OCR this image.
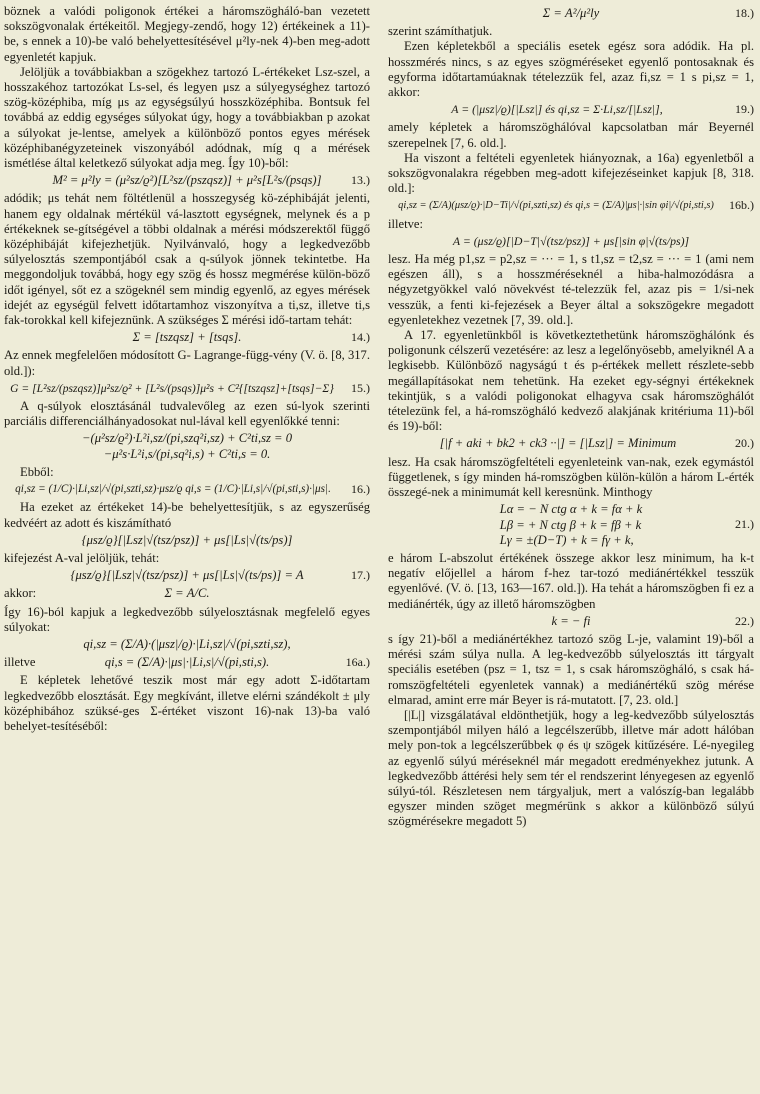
böznek a valódi poligonok értékei a háromszögháló-ban vezetett sokszögvonalak értékeitől. Megjegy-zendő, hogy 12) értékeinek a 11)-be, s ennek a 10)-be való behelyettesítésével μ²ly-nek 4)-ben meg-adott egyenletét kapjuk.

Jelöljük a továbbiakban a szögekhez tartozó L-értékeket Lsz-szel, a hosszakéhoz tartozókat Ls-sel, és legyen μsz a súlyegységhez tartozó szög-középhiba, míg μs az egységsúlyú hosszközéphiba. Bontsuk fel továbbá az eddig egységes súlyokat úgy, hogy a továbbiakban p azokat a súlyokat je-lentse, amelyek a különböző pontos egyes mérések középhibanégyzeteinek viszonyából adódnak, míg q a mérések ismétlése által keletkező súlyokat adja meg. Így 10)-ből:

M² = μ²ly = (μ²sz/ϱ²)[L²sz/(pszqsz)] + μ²s[L²s/(psqs)] 13.)

adódik; μs tehát nem föltétlenül a hosszegység kö-zéphibáját jelenti, hanem egy oldalnak mértékül vá-lasztott egységnek, melynek és a p értékeknek se-gítségével a többi oldalnak a mérési módszerektől függő középhibáját kifejezhetjük. Nyilvánvaló, hogy a legkedvezőbb súlyelosztás szempontjából csak a q-súlyok jönnek tekintetbe. Ha meggondoljuk továbbá, hogy egy szög és hossz megmérése külön-böző időt igényel, sőt ez a szögeknél sem mindig egyenlő, az egyes mérések idejét az egységül felvett időtartamhoz viszonyítva a ti,sz, illetve ti,s fak-torokkal kell kifejeznünk. A szükséges Σ mérési idő-tartam tehát:

Σ = [tszqsz] + [tsqs].	14.)

Az ennek megfelelően módosított G- Lagrange-függ-vény (V. ö. [8, 317. old.]):

G = [L²sz/(pszqsz)]μ²sz/ϱ² + [L²s/(psqs)]μ²s + C²{[tszqsz]+[tsqs]−Σ} 15.)

A q-súlyok elosztásánál tudvalevőleg az ezen sú-lyok szerinti parciális differenciálhányadosokat nul-lával kell egyenlőkké tenni:

−(μ²sz/ϱ²)·L²i,sz/(pi,szq²i,sz) + C²ti,sz = 0
−μ²s·L²i,s/(pi,sq²i,s) + C²ti,s = 0.

Ebből:

qi,sz = (1/C)·|Li,sz|/√(pi,szti,sz)·μsz/ϱ qi,s = (1/C)·|Li,s|/√(pi,sti,s)·|μs|. 16.)

Ha ezeket az értékeket 14)-be behelyettesítjük, s az egyszerűség kedvéért az adott és kiszámítható

{μsz/ϱ}[|Lsz|√(tsz/psz)] + μs[|Ls|√(ts/ps)]

kifejezést A-val jelöljük, tehát:

{μsz/ϱ}[|Lsz|√(tsz/psz)] + μs[|Ls|√(ts/ps)] = A	17.)
akkor:	Σ = A/C.

Így 16)-ból kapjuk a legkedvezőbb súlyelosztásnak megfelelő egyes súlyokat:

qi,sz = (Σ/A)·(|μsz|/ϱ)·|Li,sz|/√(pi,szti,sz),
illetve	qi,s = (Σ/A)·|μs|·|Li,s|/√(pi,sti,s).	16a.)

E képletek lehetővé teszik most már egy adott Σ-időtartam legkedvezőbb elosztását. Egy megkívánt, illetve elérni szándékolt ± μly középhibához szüksé-ges Σ-értéket viszont 16)-nak 13)-ba való behelyet-tesítéséből:

Σ = A²/μ²ly	18.)

szerint számíthatjuk.

Ezen képletekből a speciális esetek egész sora adódik. Ha pl. hosszmérés nincs, s az egyes szögméréseket egyenlő pontosaknak és egyforma időtartamúaknak tételezzük fel, azaz fi,sz = 1 s pi,sz = 1, akkor:

A = (|μsz|/ϱ)[|Lsz|] és qi,sz = Σ·Li,sz/[|Lsz|],	19.)

amely képletek a háromszöghálóval kapcsolatban már Beyernél szerepelnek [7, 6. old.].

Ha viszont a feltételi egyenletek hiányoznak, a 16a) egyenletből a sokszögvonalakra régebben meg-adott kifejezéseinket kapjuk [8, 318. old.]:

qi,sz = (Σ/A)(μsz/ϱ)·|D−Ti|/√(pi,szti,sz) és qi,s = (Σ/A)|μs|·|sin φi|/√(pi,sti,s) 16b.)

illetve:

A = (μsz/ϱ)[|D−T|√(tsz/psz)] + μs[|sin φ|√(ts/ps)]

lesz. Ha még p1,sz = p2,sz = ··· = 1, s t1,sz = t2,sz = ··· = 1 (ami nem egészen áll), s a hosszméréseknél a hiba-halmozódásra a négyzetgyökkel való növekvést té-telezzük fel, azaz pis = 1/si-nek vesszük, a fenti ki-fejezések a Beyer által a sokszögekre megadott egyenletekhez vezetnek [7, 39. old.].

A 17. egyenletünkből is következtethetünk háromszöghálónk és poligonunk célszerű vezetésére: az lesz a legelőnyösebb, amelyiknél A a legkisebb. Különböző nagyságú t és p-értékek mellett részlete-sebb megállapításokat nem tehetünk. Ha ezeket egy-ségnyi értékeknek tekintjük, s a valódi poligonokat elhagyva csak háromszöghálót tételezünk fel, a há-romszögháló kedvező alakjának kritériuma 11)-ből és 19)-ből:

[|f + aki + bk2 + ck3 ··|] = [|Lsz|] = Minimum	20.)

lesz. Ha csak háromszögfeltételi egyenleteink van-nak, ezek egymástól függetlenek, s így minden há-romszögben külön-külön a három L-érték összegé-nek a minimumát kell keresnünk. Minthogy

Lα = − N ctg α + k = fα + k
Lβ = + N ctg β + k = fβ + k
Lγ = ±(D−T) + k = fγ + k,
21.)

e három L-abszolut értékének összege akkor lesz minimum, ha k-t negatív előjellel a három f-hez tar-tozó mediánértékkel tesszük egyenlővé. (V. ö. [13, 163—167. old.]). Ha tehát a háromszögben fi ez a mediánérték, úgy az illető háromszögben

k = − fi	22.)

s így 21)-ből a mediánértékhez tartozó szög L-je, valamint 19)-ből a mérési szám súlya nulla. A leg-kedvezőbb súlyelosztás itt tárgyalt speciális esetében (psz = 1, tsz = 1, s csak háromszögháló, s csak há-romszögfeltételi egyenletek vannak) a mediánértékű szög mérése elmarad, amint erre már Beyer is rá-mutatott. [7, 23. old.]

[|L|] vizsgálatával eldönthetjük, hogy a leg-kedvezőbb súlyelosztás szempontjából milyen háló a legcélszerűbb, illetve már adott hálóban mely pon-tok a legcélszerűbbek φ és ψ szögek kitűzésére. Lé-nyegileg az egyenlő súlyú méréseknél már megadott eredményekhez jutunk. A legkedvezőbb áttérési hely sem tér el rendszerint lényegesen az egyenlő súlyú-tól. Részletesen nem tárgyaljuk, mert a valószíg-ban legalább egyszer minden szöget megmérünk s akkor a különböző súlyú szögmérésekre megadott 5)
